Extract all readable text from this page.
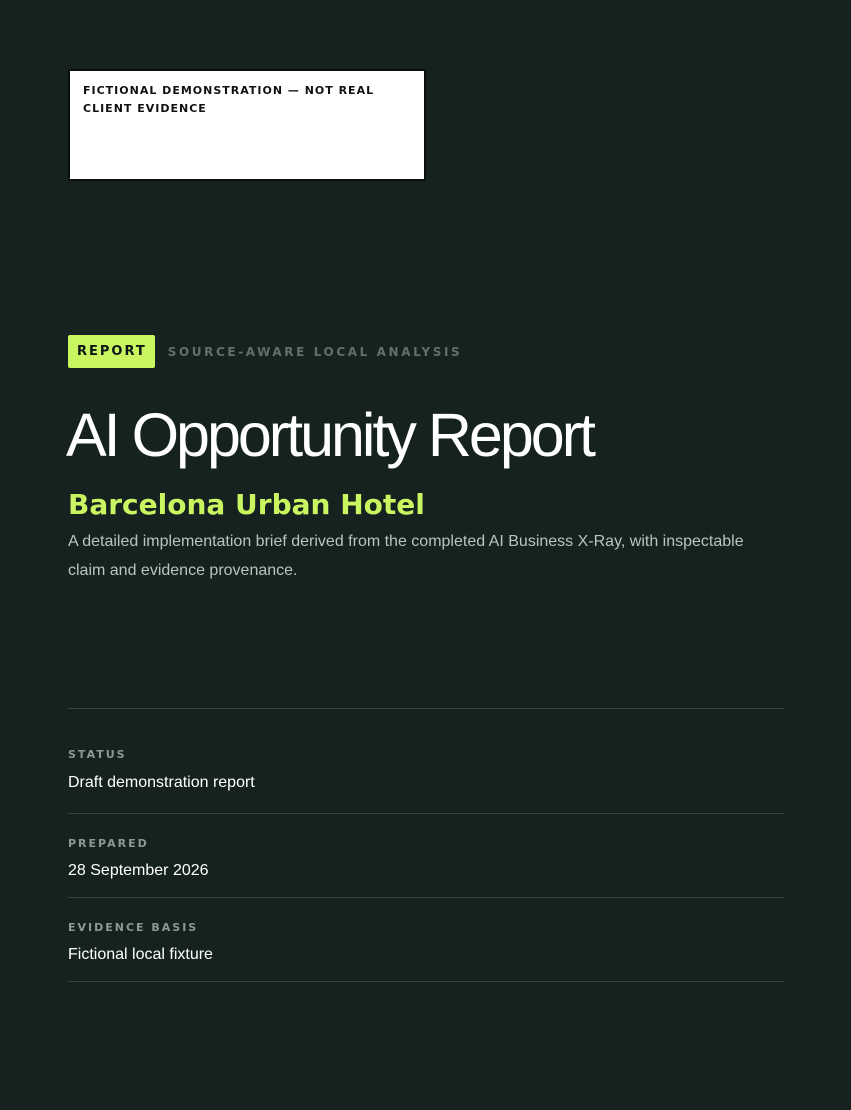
FICTIONAL DEMONSTRATION — NOT REAL CLIENT EVIDENCE
REPORT	SOURCE-AWARE LOCAL ANALYSIS
AI Opportunity Report
Barcelona Urban Hotel

A detailed implementation brief derived from the completed AI Business X-Ray, with inspectable claim and evidence provenance.

STATUS
Draft demonstration report
PREPARED
28 September 2026
EVIDENCE BASIS
Fictional local fixture
